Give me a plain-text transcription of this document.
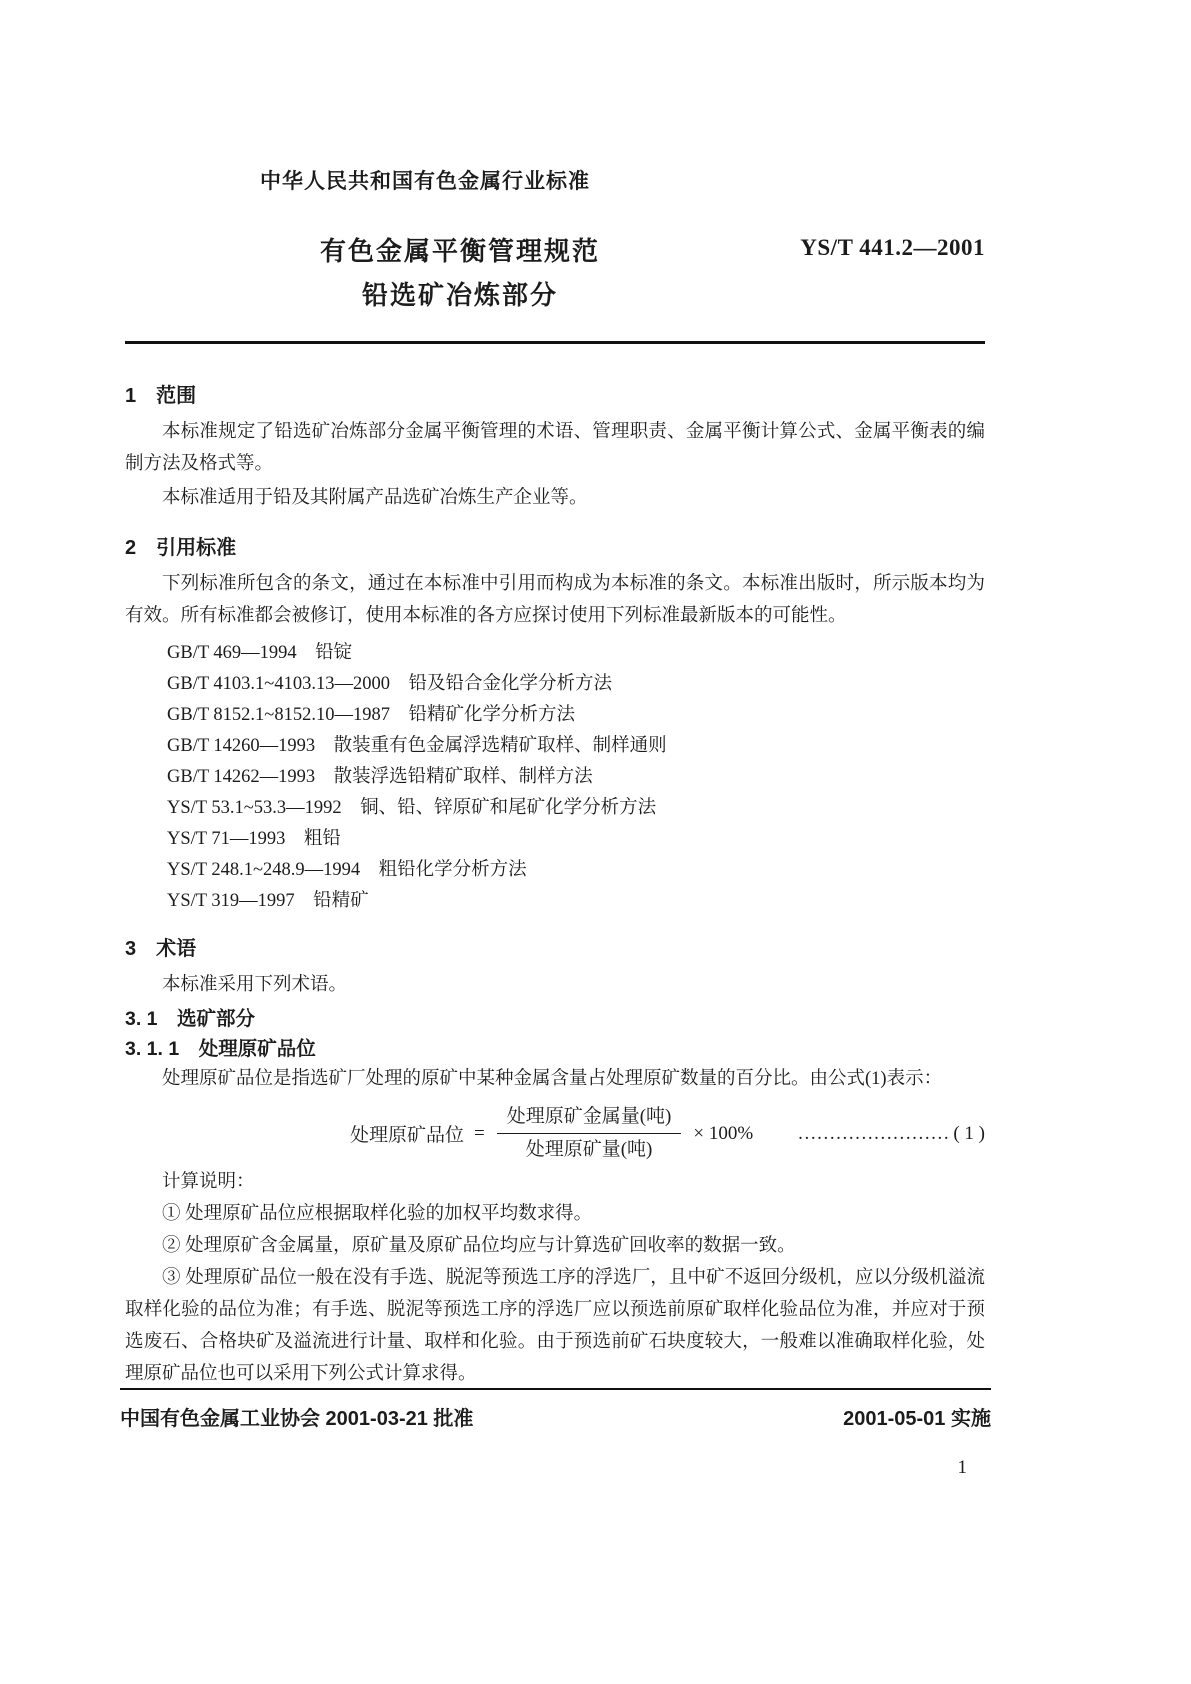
中华人民共和国有色金属行业标准
有色金属平衡管理规范
铅选矿冶炼部分
YS/T 441.2—2001
1　范围

本标准规定了铅选矿冶炼部分金属平衡管理的术语、管理职责、金属平衡计算公式、金属平衡表的编制方法及格式等。

本标准适用于铅及其附属产品选矿冶炼生产企业等。

2　引用标准

下列标准所包含的条文，通过在本标准中引用而构成为本标准的条文。本标准出版时，所示版本均为有效。所有标准都会被修订，使用本标准的各方应探讨使用下列标准最新版本的可能性。

GB/T 469—1994　铅锭
GB/T 4103.1~4103.13—2000　铅及铅合金化学分析方法
GB/T 8152.1~8152.10—1987　铅精矿化学分析方法
GB/T 14260—1993　散装重有色金属浮选精矿取样、制样通则
GB/T 14262—1993　散装浮选铅精矿取样、制样方法
YS/T 53.1~53.3—1992　铜、铅、锌原矿和尾矿化学分析方法
YS/T 71—1993　粗铅
YS/T 248.1~248.9—1994　粗铅化学分析方法
YS/T 319—1997　铅精矿
3　术语

本标准采用下列术语。

3. 1　选矿部分
3. 1. 1　处理原矿品位

处理原矿品位是指选矿厂处理的原矿中某种金属含量占处理原矿数量的百分比。由公式(1)表示：

处理原矿品位 = $\frac{\text{处理原矿金属量(吨)}}{\text{处理原矿量(吨)}} \times 100\%$ …………………… ( 1 )

计算说明：

① 处理原矿品位应根据取样化验的加权平均数求得。

② 处理原矿含金属量，原矿量及原矿品位均应与计算选矿回收率的数据一致。

③ 处理原矿品位一般在没有手选、脱泥等预选工序的浮选厂，且中矿不返回分级机，应以分级机溢流取样化验的品位为准；有手选、脱泥等预选工序的浮选厂应以预选前原矿取样化验品位为准，并应对于预选废石、合格块矿及溢流进行计量、取样和化验。由于预选前矿石块度较大，一般难以准确取样化验，处理原矿品位也可以采用下列公式计算求得。

中国有色金属工业协会 2001-03-21 批准	2001-05-01 实施
1
